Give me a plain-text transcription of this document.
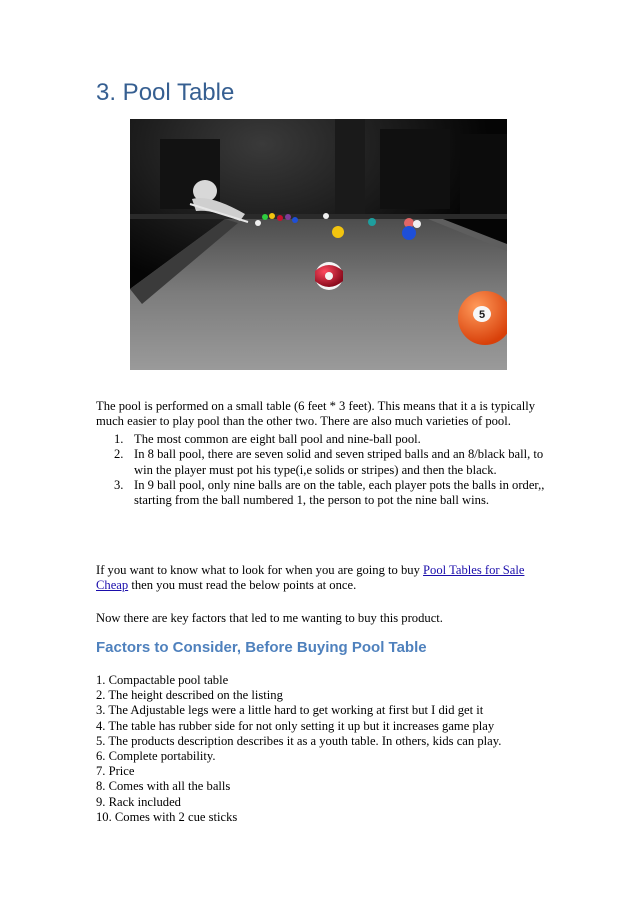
3. Pool Table
5

The pool is performed on a small table (6 feet * 3 feet). This means that it a is typically much easier to play pool than the other two. There are also much varieties of pool.

1. The most common are eight ball pool and nine-ball pool.
2. In 8 ball pool, there are seven solid and seven striped balls and an 8/black ball, to win the player must pot his type(i,e solids or stripes) and then the black.
3. In 9 ball pool, only nine balls are on the table, each player pots the balls in order,, starting from the ball numbered 1, the person to pot the nine ball wins.

If you want to know what to look for when you are going to buy Pool Tables for Sale Cheap then you must read the below points at once.

Now there are key factors that led to me wanting to buy this product.

Factors to Consider, Before Buying Pool Table
1. Compactable pool table
2. The height described on the listing
3. The Adjustable legs were a little hard to get working at first but I did get it
4. The table has rubber side for not only setting it up but it increases game play
5. The products description describes it as a youth table. In others, kids can play.
6. Complete portability.
7. Price
8. Comes with all the balls
9. Rack included
10. Comes with 2 cue sticks
